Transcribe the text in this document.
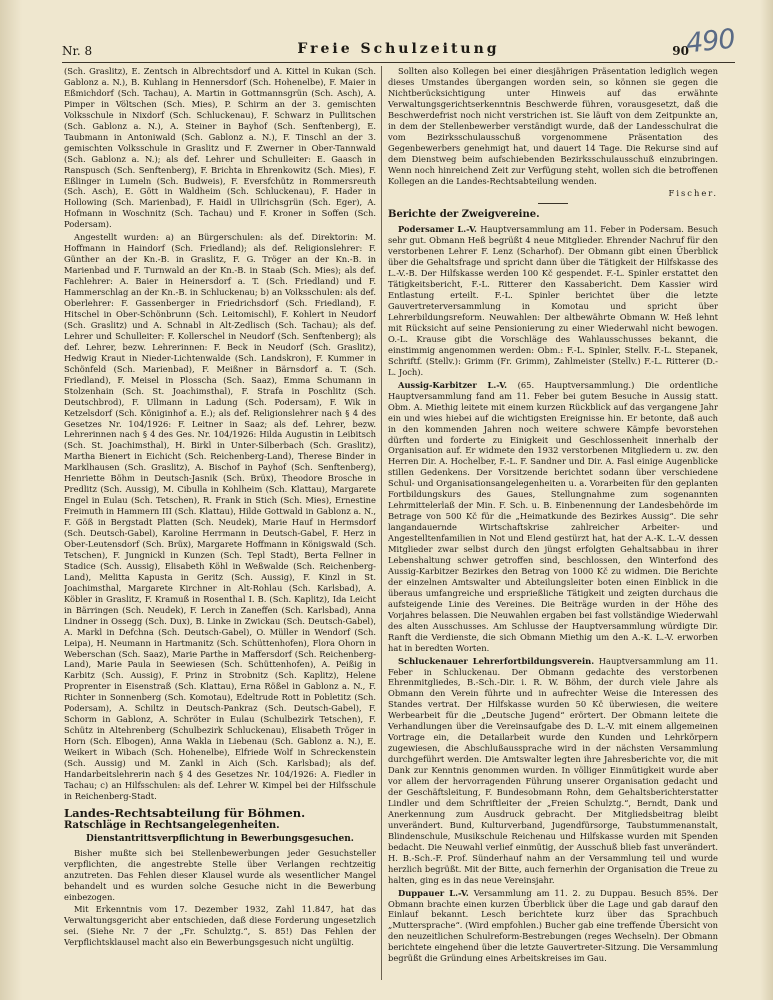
Nr. 8	Freie Schulzeitung	90
490

(Sch. Graslitz), E. Zentsch in Albrechtsdorf und A. Kittel in Kukan (Sch. Gablonz a. N.), B. Kuhlang in Hennersdorf (Sch. Hohenelbe), F. Maier in Eßmichdorf (Sch. Tachau), A. Martin in Gottmannsgrün (Sch. Asch), A. Pimper in Völtschen (Sch. Mies), P. Schirm an der 3. gemischten Volksschule in Nixdorf (Sch. Schluckenau), F. Schwarz in Pullitschen (Sch. Gablonz a. N.), A. Steiner in Bayhof (Sch. Senftenberg), E. Taubmann in Antoniwald (Sch. Gablonz a. N.), F. Tinschl an der 3. gemischten Volksschule in Graslitz und F. Zwerner in Ober-Tannwald (Sch. Gablonz a. N.); als def. Lehrer und Schulleiter: E. Gaasch in Ranspusch (Sch. Senftenberg), F. Brichta in Ehrenkowitz (Sch. Mies), F. Eßlinger in Lumeln (Sch. Budweis), F. Eversfchütz in Rommersreuth (Sch. Asch), E. Gött in Waldheim (Sch. Schluckenau), F. Hader in Hollowing (Sch. Marienbad), F. Haidl in Ullrichsgrün (Sch. Eger), A. Hofmann in Woschnitz (Sch. Tachau) und F. Kroner in Soffen (Sch. Podersam).

Angestellt wurden: a) an Bürgerschulen: als def. Direktorin: M. Hoffmann in Haindorf (Sch. Friedland); als def. Religionslehrer: F. Günther an der Kn.-B. in Graslitz, F. G. Tröger an der Kn.-B. in Marienbad und F. Turnwald an der Kn.-B. in Staab (Sch. Mies); als def. Fachlehrer: A. Baier in Heinersdorf a. T. (Sch. Friedland) und F. Hammerschlag an der Kn.-B. in Schluckenau; b) an Volksschulen: als def. Oberlehrer: F. Gassenberger in Friedrichsdorf (Sch. Friedland), F. Hitschel in Ober-Schönbrunn (Sch. Leitomischl), F. Kohlert in Neudorf (Sch. Graslitz) und A. Schnabl in Alt-Zedlisch (Sch. Tachau); als def. Lehrer und Schulleiter: F. Kollerschel in Neudorf (Sch. Senftenberg); als def. Lehrer, bezw. Lehrerinnen: F. Beck in Neudorf (Sch. Graslitz), Hedwig Kraut in Nieder-Lichtenwalde (Sch. Landskron), F. Kummer in Schönfeld (Sch. Marienbad), F. Meißner in Bärnsdorf a. T. (Sch. Friedland), F. Meisel in Plosscha (Sch. Saaz), Emma Schumann in Stolzenhain (Sch. St. Joachimsthal), F. Strafa in Poschlitz (Sch. Deutschbrod), F. Ullmann in Ladung (Sch. Podersam), F. Wik in Ketzelsdorf (Sch. Königinhof a. E.); als def. Religionslehrer nach § 4 des Gesetzes Nr. 104/1926: F. Leitner in Saaz; als def. Lehrer, bezw. Lehrerinnen nach § 4 des Ges. Nr. 104/1926: Hilda Augustin in Leibitsch (Sch. St. Joachimsthal), H. Birkl in Unter-Silberbach (Sch. Graslitz), Martha Bienert in Eichicht (Sch. Reichenberg-Land), Therese Binder in Marklhausen (Sch. Graslitz), A. Bischof in Payhof (Sch. Senftenberg), Henriette Böhm in Deutsch-Jasnik (Sch. Brüx), Theodore Brosche in Predlitz (Sch. Aussig), M. Cibulla in Kohlheim (Sch. Klattau), Margarete Engel in Eulau (Sch. Tetschen), R. Frank in Stich (Sch. Mies), Ernestine Freimuth in Hammern III (Sch. Klattau), Hilde Gottwald in Gablonz a. N., F. Göß in Bergstadt Platten (Sch. Neudek), Marie Hauf in Hermsdorf (Sch. Deutsch-Gabel), Karoline Herrmann in Deutsch-Gabel, F. Herz in Ober-Leutensdorf (Sch. Brüx), Margarete Hoffmann in Königswald (Sch. Tetschen), F. Jungnickl in Kunzen (Sch. Tepl Stadt), Berta Fellner in Stadice (Sch. Aussig), Elisabeth Köhl in Weßwalde (Sch. Reichenberg-Land), Melitta Kapusta in Geritz (Sch. Aussig), F. Kinzl in St. Joachimsthal, Margarete Kirchner in Alt-Rohlau (Sch. Karlsbad), A. Köbler in Graslitz, F. Kramuß in Rosenthal I. B. (Sch. Kaplitz), Ida Leicht in Bärringen (Sch. Neudek), F. Lerch in Zaneffen (Sch. Karlsbad), Anna Lindner in Ossegg (Sch. Dux), B. Linke in Zwickau (Sch. Deutsch-Gabel), A. Markl in Defchna (Sch. Deutsch-Gabel), O. Müller in Wendorf (Sch. Leipa), H. Neumann in Hartmanitz (Sch. Schüttenhofen), Flora Ohorn in Weberschan (Sch. Saaz), Marie Parthe in Maffersdorf (Sch. Reichenberg-Land), Marie Paula in Seewiesen (Sch. Schüttenhofen), A. Peißig in Karbitz (Sch. Aussig), F. Prinz in Strobnitz (Sch. Kaplitz), Helene Proprenter in Eisenstraß (Sch. Klattau), Erna Rößel in Gablonz a. N., F. Richter in Sonnenberg (Sch. Komotau), Edeltrude Rott in Pobletitz (Sch. Podersam), A. Schiltz in Deutsch-Pankraz (Sch. Deutsch-Gabel), F. Schorm in Gablonz, A. Schröter in Eulau (Schulbezirk Tetschen), F. Schütz in Altehrenberg (Schulbezirk Schluckenau), Elisabeth Tröger in Horn (Sch. Elbogen), Anna Wakla in Liebenau (Sch. Gablonz a. N.), E. Weikert in Wibach (Sch. Hohenelbe), Elfriede Wolf in Schreckenstein (Sch. Aussig) und M. Zankl in Aich (Sch. Karlsbad); als def. Handarbeitslehrerin nach § 4 des Gesetzes Nr. 104/1926: A. Fiedler in Tachau; c) an Hilfsschulen: als def. Lehrer W. Kimpel bei der Hilfsschule in Reichenberg-Stadt.

Landes-Rechtsabteilung für Böhmen.
Ratschläge in Rechtsangelegenheiten.
Dienstantrittsverpflichtung in Bewerbungsgesuchen.

Bisher mußte sich bei Stellenbewerbungen jeder Gesuchsteller verpflichten, die angestrebte Stelle über Verlangen rechtzeitig anzutreten. Das Fehlen dieser Klausel wurde als wesentlicher Mangel behandelt und es wurden solche Gesuche nicht in die Bewerbung einbezogen.

Mit Erkenntnis vom 17. Dezember 1932, Zahl 11.847, hat das Verwaltungsgericht aber entschieden, daß diese Forderung ungesetzlich sei. (Siehe Nr. 7 der „Fr. Schulztg.“, S. 85!) Das Fehlen der Verpflichtsklausel macht also ein Bewerbungsgesuch nicht ungültig.

Sollten also Kollegen bei einer diesjährigen Präsentation lediglich wegen dieses Umstandes übergangen worden sein, so können sie gegen die Nichtberücksichtigung unter Hinweis auf das erwähnte Verwaltungsgerichtserkenntnis Beschwerde führen, vorausgesetzt, daß die Beschwerdefrist noch nicht verstrichen ist. Sie läuft von dem Zeitpunkte an, in dem der Stellenbewerber verständigt wurde, daß der Landesschulrat die vom Bezirksschulausschuß vorgenommene Präsentation des Gegenbewerbers genehmigt hat, und dauert 14 Tage. Die Rekurse sind auf dem Dienstweg beim aufschiebenden Bezirksschulausschuß einzubringen. Wenn noch hinreichend Zeit zur Verfügung steht, wollen sich die betroffenen Kollegen an die Landes-Rechtsabteilung wenden.

Fischer.
Berichte der Zweigvereine.

Podersamer L.-V. Hauptversammlung am 11. Feber in Podersam. Besuch sehr gut. Obmann Heß begrüßt 4 neue Mitglieder. Ehrender Nachruf für den verstorbenen Lehrer F. Lenz (Scharhof). Der Obmann gibt einen Überblick über die Gehaltsfrage und spricht dann über die Tätigkeit der Hilfskasse des L.-V.-B. Der Hilfskasse werden 100 Kč gespendet. F.-L. Spinler erstattet den Tätigkeitsbericht, F.-L. Ritterer den Kassabericht. Dem Kassier wird Entlastung erteilt. F.-L. Spinler berichtet über die letzte Gauvertreterversammlung in Komotau und spricht über Lehrerbildungsreform. Neuwahlen: Der altbewährte Obmann W. Heß lehnt mit Rücksicht auf seine Pensionierung zu einer Wiederwahl nicht bewogen. O.-L. Krause gibt die Vorschläge des Wahlausschusses bekannt, die einstimmig angenommen werden: Obm.: F.-L. Spinler, Stellv. F.-L. Stepanek, Schriftf. (Stellv.): Grimm (Fr. Grimm), Zahlmeister (Stellv.) F.-L. Ritterer (D.-L. Joch).

Aussig-Karbitzer L.-V. (65. Hauptversammlung.) Die ordentliche Hauptversammlung fand am 11. Feber bei gutem Besuche in Aussig statt. Obm. A. Miethig leitete mit einem kurzen Rückblick auf das vergangene Jahr ein und wies hiebei auf die wichtigsten Ereignisse hin. Er betonte, daß auch in den kommenden Jahren noch weitere schwere Kämpfe bevorstehen dürften und forderte zu Einigkeit und Geschlossenheit innerhalb der Organisation auf. Er widmete den 1932 verstorbenen Mitgliedern u. zw. den Herren Dir. A. Hochelber, F.-L. F. Sandner und Dir. A. Fasl einige Augenblicke stillen Gedenkens. Der Vorsitzende berichtet sodann über verschiedene Schul- und Organisationsangelegenheiten u. a. Vorarbeiten für den geplanten Fortbildungskurs des Gaues, Stellungnahme zum sogenannten Lehrmittelerlaß der Min. F. Sch. u. B. Einbenennung der Landesbehörde im Betrage von 500 Kč für die „Heimatkunde des Bezirkes Aussig“. Die sehr langandauernde Wirtschaftskrise zahlreicher Arbeiter- und Angestelltenfamilien in Not und Elend gestürzt hat, hat der A.-K. L.-V. dessen Mitglieder zwar selbst durch den jüngst erfolgten Gehaltsabbau in ihrer Lebenshaltung schwer getroffen sind, beschlossen, den Winterfond des Aussig-Karbitzer Bezirkes den Betrag von 1000 Kč zu widmen. Die Berichte der einzelnen Amtswalter und Abteilungsleiter boten einen Einblick in die überaus umfangreiche und ersprießliche Tätigkeit und zeigten durchaus die aufsteigende Linie des Vereines. Die Beiträge wurden in der Höhe des Vorjahres belassen. Die Neuwahlen ergaben bei fast vollständige Wiederwahl des alten Ausschusses. Am Schlusse der Hauptversammlung würdigte Dir. Ranft die Verdienste, die sich Obmann Miethig um den A.-K. L.-V. erworben hat in beredten Worten.

Schluckenauer Lehrerfortbildungsverein. Hauptversammlung am 11. Feber in Schluckenau. Der Obmann gedachte des verstorbenen Ehrenmitgliedes, B.-Sch.-Dir. i. R. W. Böhm, der durch viele Jahre als Obmann den Verein führte und in aufrechter Weise die Interessen des Standes vertrat. Der Hilfskasse wurden 50 Kč überwiesen, die weitere Werbearbeit für die „Deutsche Jugend“ erörtert. Der Obmann leitete die Verhandlungen über die Vereinsaufgabe des D. L.-V. mit einem allgemeinen Vortrage ein, die Detailarbeit wurde den Kunden und Lehrkörpern zugewiesen, die Abschlußaussprache wird in der nächsten Versammlung durchgeführt werden. Die Amtswalter legten ihre Jahresberichte vor, die mit Dank zur Kenntnis genommen wurden. In völliger Einmütigkeit wurde aber vor allem der hervorragenden Führung unserer Organisation gedacht und der Geschäftsleitung, F. Bundesobmann Rohn, dem Gehaltsberichterstatter Lindler und dem Schriftleiter der „Freien Schulztg.“, Berndt, Dank und Anerkennung zum Ausdruck gebracht. Der Mitgliedsbeitrag bleibt unverändert. Bund, Kulturverband, Jugendfürsorge, Taubstummenanstalt, Blindenschule, Musikschule Reichenau und Hilfskasse wurden mit Spenden bedacht. Die Neuwahl verlief einmütig, der Ausschuß blieb fast unverändert. H. B.-Sch.-F. Prof. Sünderhauf nahm an der Versammlung teil und wurde herzlich begrüßt. Mit der Bitte, auch fernerhin der Organisation die Treue zu halten, ging es in das neue Vereinsjahr.

Duppauer L.-V. Versammlung am 11. 2. zu Duppau. Besuch 85%. Der Obmann brachte einen kurzen Überblick über die Lage und gab darauf den Einlauf bekannt. Lesch berichtete kurz über das Sprachbuch „Muttersprache“. (Wird empfohlen.) Bucher gab eine treffende Übersicht von den neuzeitlichen Schulreform-Bestrebungen (reges Wechseln). Der Obmann berichtete eingehend über die letzte Gauvertreter-Sitzung. Die Versammlung begrüßt die Gründung eines Arbeitskreises im Gau.
